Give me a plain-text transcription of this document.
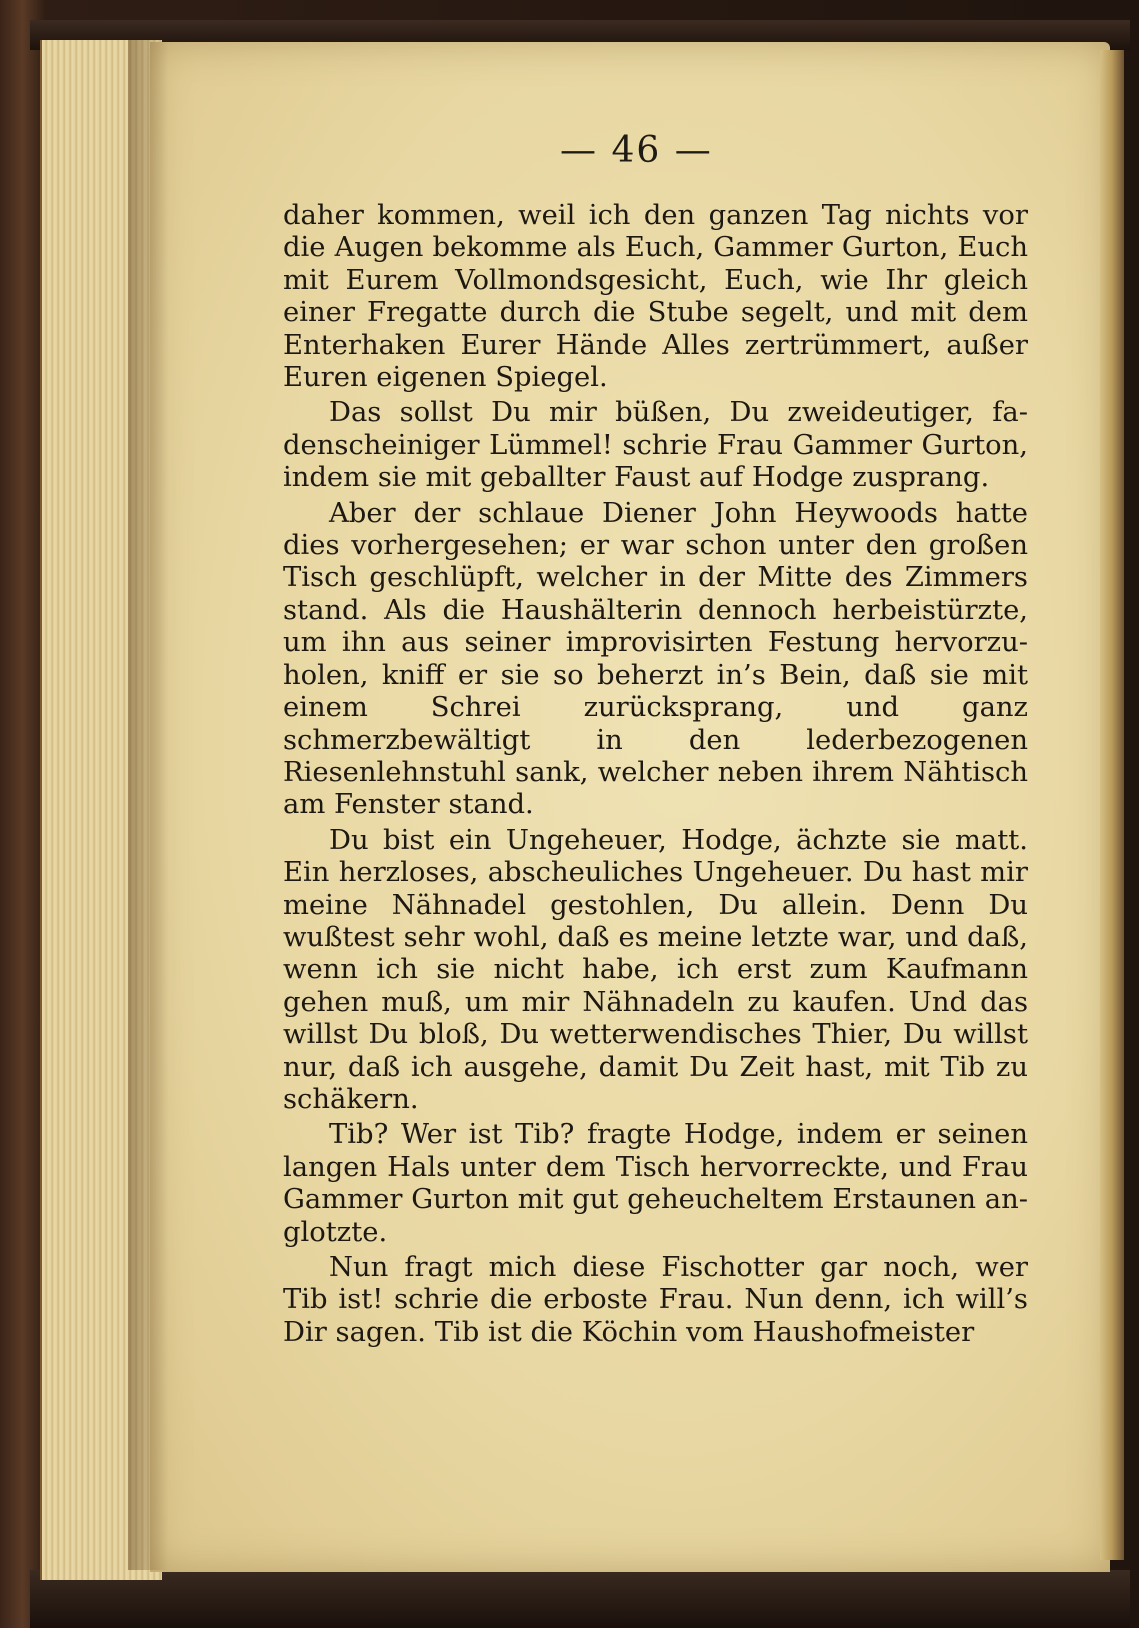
— 46 —

daher kommen, weil ich den ganzen Tag nichts vor die Augen bekomme als Euch, Gammer Gurton, Euch mit Eurem Vollmondsgesicht, Euch, wie Ihr gleich einer Fregatte durch die Stube segelt, und mit dem Enterhaken Eurer Hände Alles zertrümmert, außer Euren eigenen Spiegel.

Das sollst Du mir büßen, Du zweideutiger, fa-denscheiniger Lümmel! schrie Frau Gammer Gurton, indem sie mit geballter Faust auf Hodge zusprang.

Aber der schlaue Diener John Heywoods hatte dies vorhergesehen; er war schon unter den großen Tisch geschlüpft, welcher in der Mitte des Zimmers stand. Als die Haushälterin dennoch herbeistürzte, um ihn aus seiner improvisirten Festung hervorzu-holen, kniff er sie so beherzt in’s Bein, daß sie mit einem Schrei zurücksprang, und ganz schmerzbewältigt in den lederbezogenen Riesenlehnstuhl sank, welcher neben ihrem Nähtisch am Fenster stand.

Du bist ein Ungeheuer, Hodge, ächzte sie matt. Ein herzloses, abscheuliches Ungeheuer. Du hast mir meine Nähnadel gestohlen, Du allein. Denn Du wußtest sehr wohl, daß es meine letzte war, und daß, wenn ich sie nicht habe, ich erst zum Kaufmann gehen muß, um mir Nähnadeln zu kaufen. Und das willst Du bloß, Du wetterwendisches Thier, Du willst nur, daß ich ausgehe, damit Du Zeit hast, mit Tib zu schäkern.

Tib? Wer ist Tib? fragte Hodge, indem er seinen langen Hals unter dem Tisch hervorreckte, und Frau Gammer Gurton mit gut geheucheltem Erstaunen an-glotzte.

Nun fragt mich diese Fischotter gar noch, wer Tib ist! schrie die erboste Frau. Nun denn, ich will’s Dir sagen. Tib ist die Köchin vom Haushofmeister
